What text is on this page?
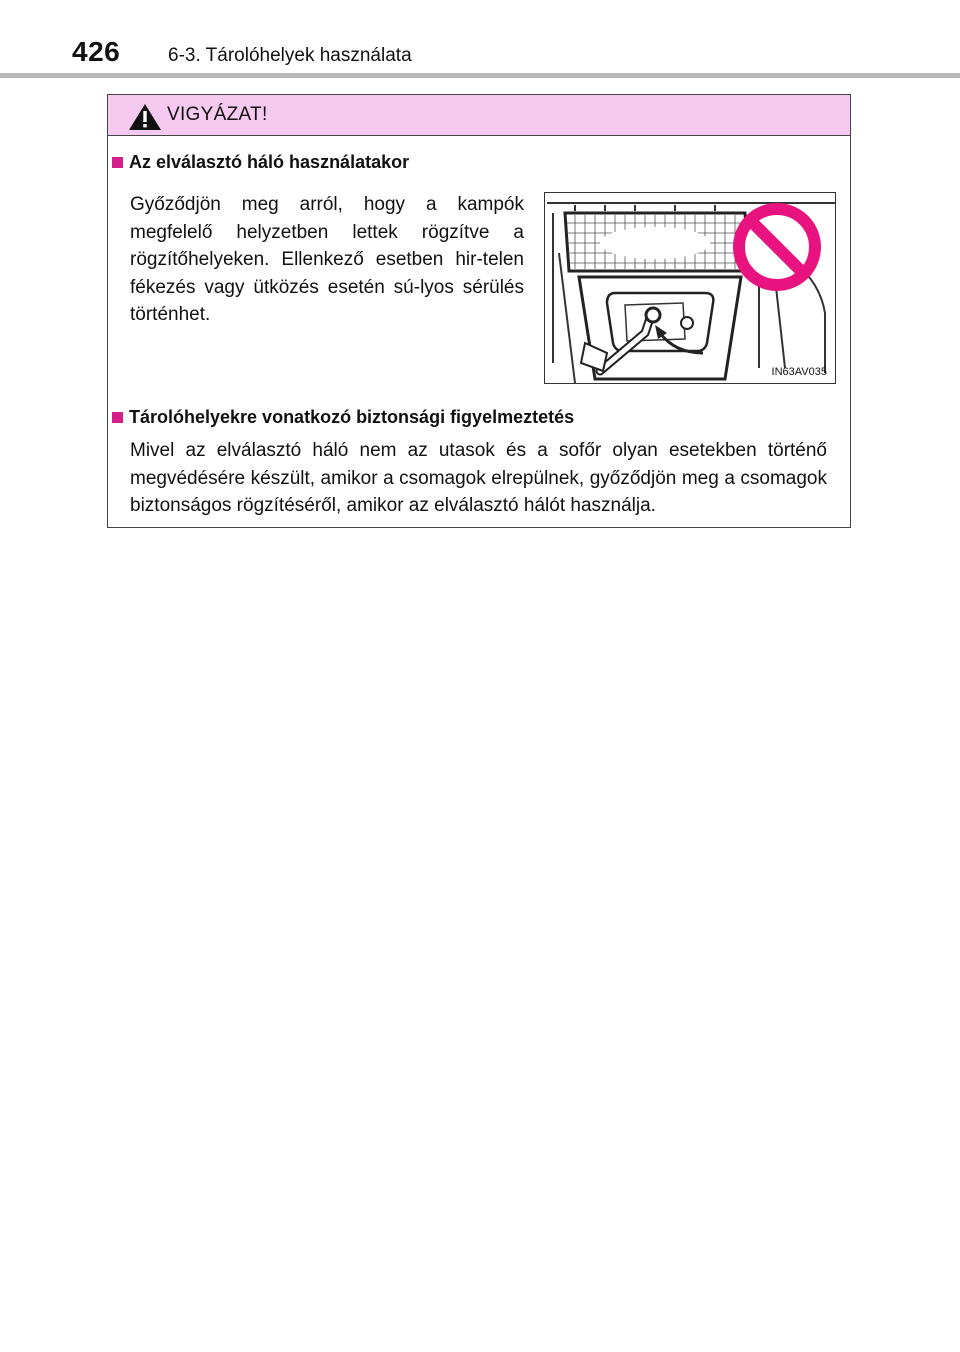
426	6-3. Tárolóhelyek használata
VIGYÁZAT!
Az elválasztó háló használatakor
Győződjön meg arról, hogy a kampók megfelelő helyzetben lettek rögzítve a rögzítőhelyeken. Ellenkező esetben hir-telen fékezés vagy ütközés esetén sú-lyos sérülés történhet.
IN63AV035
Tárolóhelyekre vonatkozó biztonsági figyelmeztetés
Mivel az elválasztó háló nem az utasok és a sofőr olyan esetekben történő megvédésére készült, amikor a csomagok elrepülnek, győződjön meg a csomagok biztonságos rögzítéséről, amikor az elválasztó hálót használja.
